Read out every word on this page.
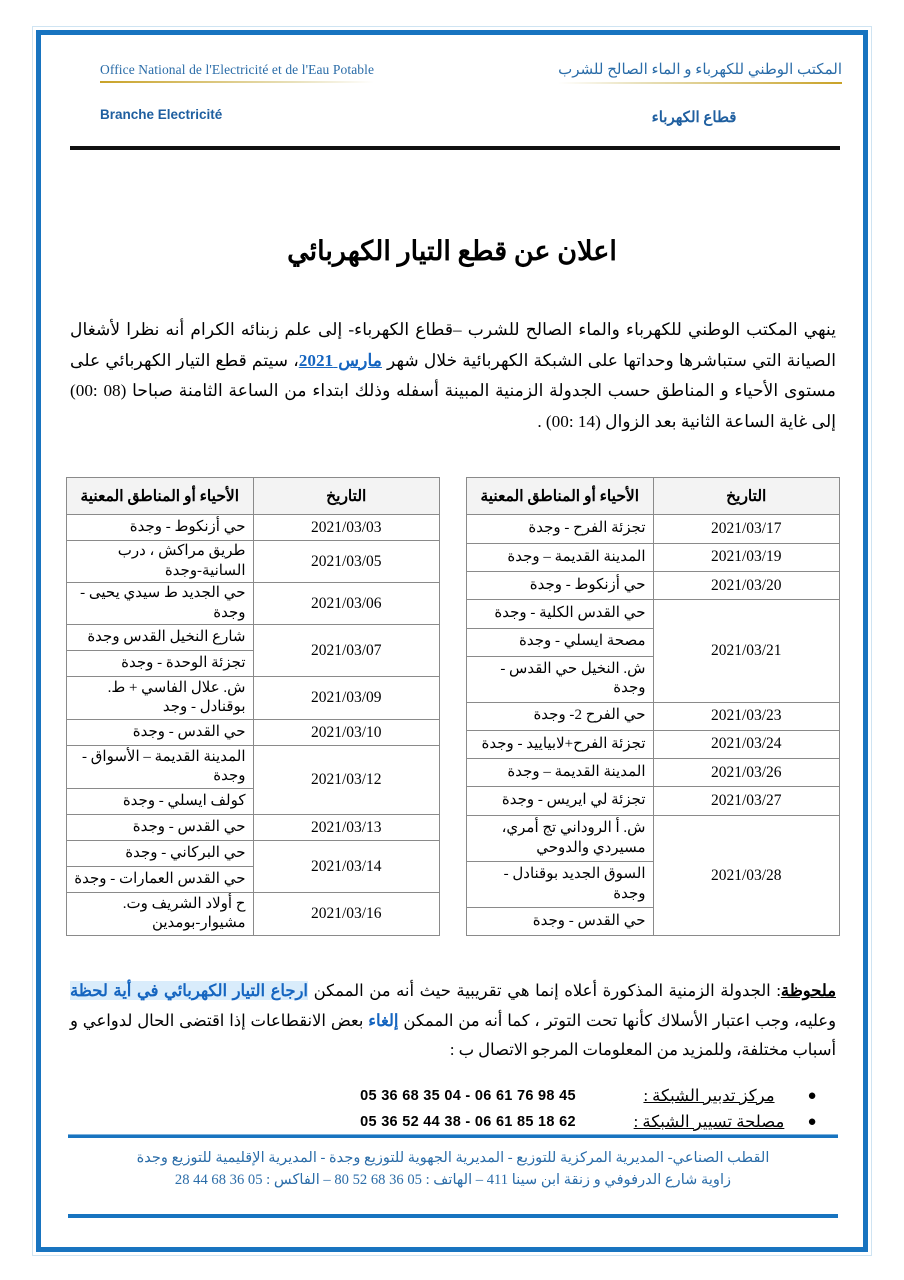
المكتب الوطني للكهرباء و الماء الصالح للشرب
قطاع الكهرباء
Office National de l'Electricité et de l'Eau Potable
Branche Electricité
اعلان عن قطع التيار الكهربائي

ينهي المكتب الوطني للكهرباء والماء الصالح للشرب –قطاع الكهرباء- إلى علم زبنائه الكرام أنه نظرا لأشغال الصيانة التي ستباشرها وحداتها على الشبكة الكهربائية خلال شهر مارس 2021، سيتم قطع التيار الكهربائي على مستوى الأحياء و المناطق حسب الجدولة الزمنية المبينة أسفله وذلك ابتداء من الساعة الثامنة صباحا (08 :00) إلى غاية الساعة الثانية بعد الزوال (14 :00) .

التاريخ	الأحياء أو المناطق المعنية
2021/03/17	تجزئة الفرح - وجدة
2021/03/19	المدينة القديمة – وجدة
2021/03/20	حي أزنكوط - وجدة
2021/03/21	حي القدس الكلية - وجدة
	مصحة ايسلي - وجدة
	ش. النخيل حي القدس - وجدة
2021/03/23	حي الفرح 2- وجدة
2021/03/24	تجزئة الفرح+لابياييد - وجدة
2021/03/26	المدينة القديمة – وجدة
2021/03/27	تجزئة لي ايريس - وجدة
2021/03/28	ش. أ الروداني تج أمري، مسيردي والدوحي
	السوق الجديد بوقنادل - وجدة
	حي القدس - وجدة
التاريخ	الأحياء أو المناطق المعنية
2021/03/03	حي أزنكوط - وجدة
2021/03/05	طريق مراكش ، درب السانية-وجدة
2021/03/06	حي الجديد ط سيدي يحيى - وجدة
2021/03/07	شارع النخيل القدس وجدة
	تجزئة الوحدة - وجدة
2021/03/09	ش. علال الفاسي + ط. بوقنادل - وجد
2021/03/10	حي القدس - وجدة
2021/03/12	المدينة القديمة – الأسواق - وجدة
	كولف ايسلي - وجدة
2021/03/13	حي القدس - وجدة
2021/03/14	حي البركاني - وجدة
	حي القدس العمارات - وجدة
2021/03/16	ح أولاد الشريف وت. مشيوار-بومدين

ملحوظة: الجدولة الزمنية المذكورة أعلاه إنما هي تقريبية حيث أنه من الممكن ارجاع التيار الكهربائي في أية لحظة وعليه، وجب اعتبار الأسلاك كأنها تحت التوتر ، كما أنه من الممكن إلغاء بعض الانقطاعات إذا اقتضى الحال لدواعي و أسباب مختلفة، وللمزيد من المعلومات المرجو الاتصال ب :

●
مركز تدبير الشبكة :
05 36 68 35 04 - 06 61 76 98 45
●
مصلحة تسيير الشبكة :
05 36 52 44 38 - 06 61 85 18 62
القطب الصناعي- المديرية المركزية للتوزيع - المديرية الجهوية للتوزيع وجدة - المديرية الإقليمية للتوزيع وجدة
زاوية شارع الدرفوفي و زنقة ابن سينا 411 – الهاتف : 05 36 68 52 80 – الفاكس : 05 36 68 44 28
